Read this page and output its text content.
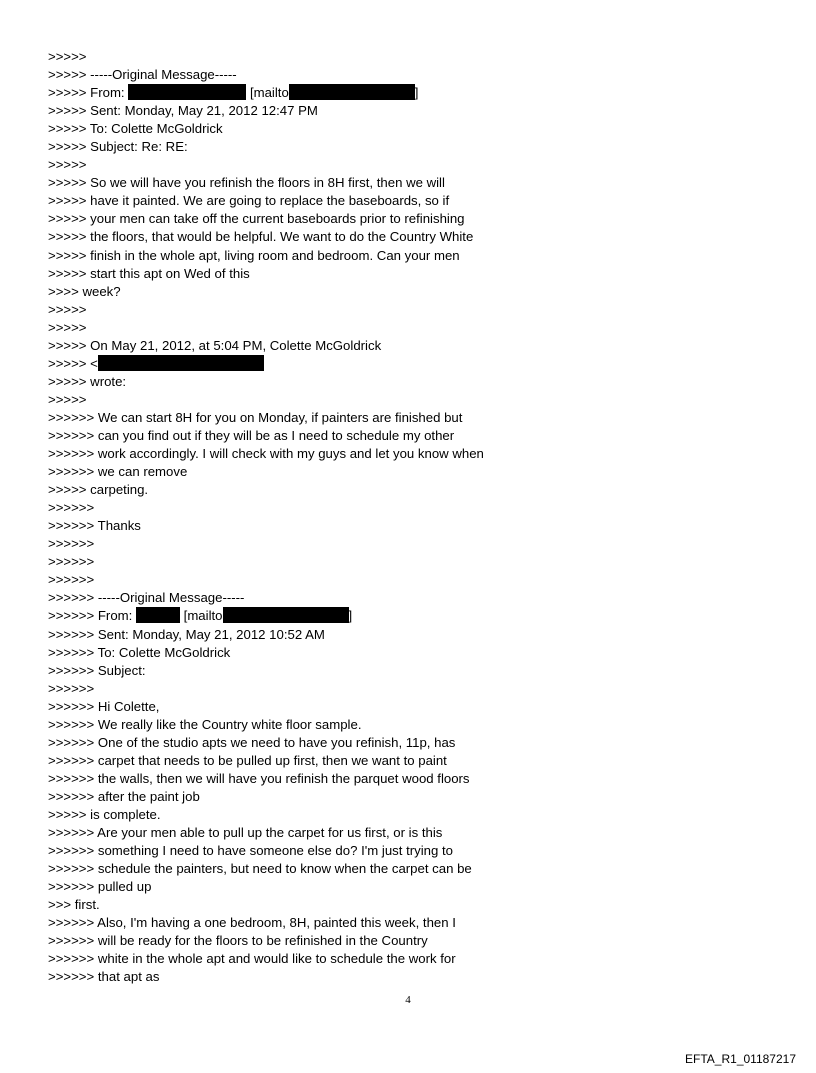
>>>>>
>>>>> -----Original Message-----
>>>>> From:	[mailto	]
>>>>> Sent: Monday, May 21, 2012 12:47 PM
>>>>> To: Colette McGoldrick
>>>>> Subject: Re: RE:
>>>>>
>>>>> So we will have you refinish the floors in 8H first, then we will
>>>>> have it painted. We are going to replace the baseboards, so if
>>>>> your men can take off the current baseboards prior to refinishing
>>>>> the floors, that would be helpful. We want to do the Country White
>>>>> finish in the whole apt, living room and bedroom. Can your men
>>>>> start this apt on Wed of this
>>>> week?
>>>>>
>>>>>
>>>>> On May 21, 2012, at 5:04 PM, Colette McGoldrick
>>>>> <
>>>>> wrote:
>>>>>
>>>>>> We can start 8H for you on Monday, if painters are finished but
>>>>>> can you find out if they will be as I need to schedule my other
>>>>>> work accordingly. I will check with my guys and let you know when
>>>>>> we can remove
>>>>> carpeting.
>>>>>>
>>>>>> Thanks
>>>>>>
>>>>>>
>>>>>>
>>>>>> -----Original Message-----
>>>>>> From:	[mailto	]
>>>>>> Sent: Monday, May 21, 2012 10:52 AM
>>>>>> To: Colette McGoldrick
>>>>>> Subject:
>>>>>>
>>>>>> Hi Colette,
>>>>>> We really like the Country white floor sample.
>>>>>> One of the studio apts we need to have you refinish, 11p, has
>>>>>> carpet that needs to be pulled up first, then we want to paint
>>>>>> the walls, then we will have you refinish the parquet wood floors
>>>>>> after the paint job
>>>>> is complete.
>>>>>> Are your men able to pull up the carpet for us first, or is this
>>>>>> something I need to have someone else do? I'm just trying to
>>>>>> schedule the painters, but need to know when the carpet can be
>>>>>> pulled up
>>> first.
>>>>>> Also, I'm having a one bedroom, 8H, painted this week, then I
>>>>>> will be ready for the floors to be refinished in the Country
>>>>>> white in the whole apt and would like to schedule the work for
>>>>>> that apt as
4
EFTA_R1_01187217
